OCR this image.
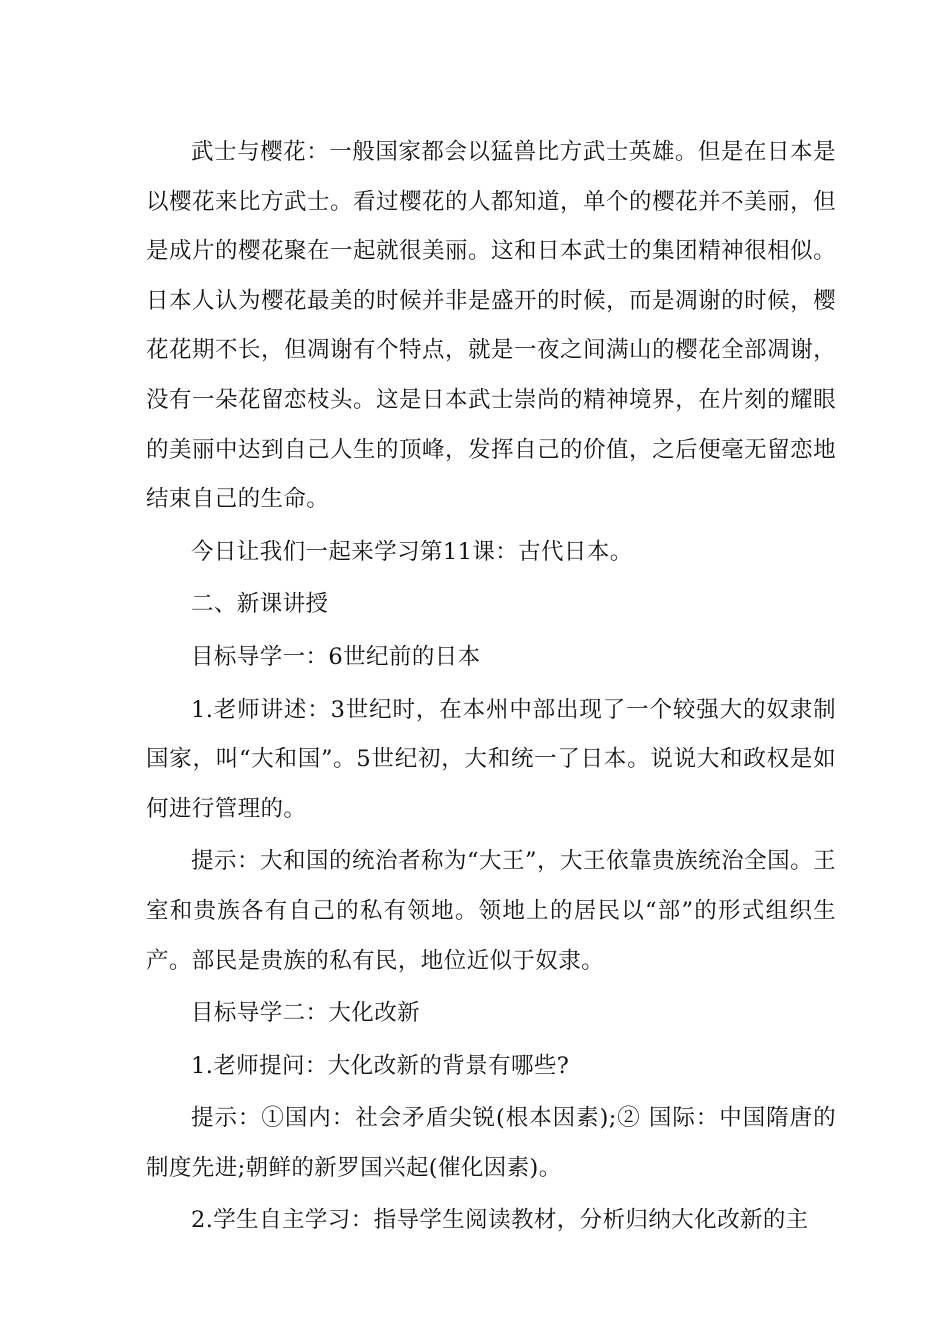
武士与樱花：一般国家都会以猛兽比方武士英雄。但是在日本是以樱花来比方武士。看过樱花的人都知道，单个的樱花并不美丽，但是成片的樱花聚在一起就很美丽。这和日本武士的集团精神很相似。日本人认为樱花最美的时候并非是盛开的时候，而是凋谢的时候，樱花花期不长，但凋谢有个特点，就是一夜之间满山的樱花全部凋谢，没有一朵花留恋枝头。这是日本武士崇尚的精神境界，在片刻的耀眼的美丽中达到自己人生的顶峰，发挥自己的价值，之后便毫无留恋地结束自己的生命。

今日让我们一起来学习第11课：古代日本。

二、新课讲授

目标导学一：6世纪前的日本

1.老师讲述：3世纪时，在本州中部出现了一个较强大的奴隶制国家，叫“大和国”。5世纪初，大和统一了日本。说说大和政权是如何进行管理的。

提示：大和国的统治者称为“大王”，大王依靠贵族统治全国。王室和贵族各有自己的私有领地。领地上的居民以“部”的形式组织生产。部民是贵族的私有民，地位近似于奴隶。

目标导学二：大化改新

1.老师提问：大化改新的背景有哪些?

提示：①国内：社会矛盾尖锐(根本因素);② 国际：中国隋唐的制度先进;朝鲜的新罗国兴起(催化因素)。

2.学生自主学习：指导学生阅读教材，分析归纳大化改新的主
